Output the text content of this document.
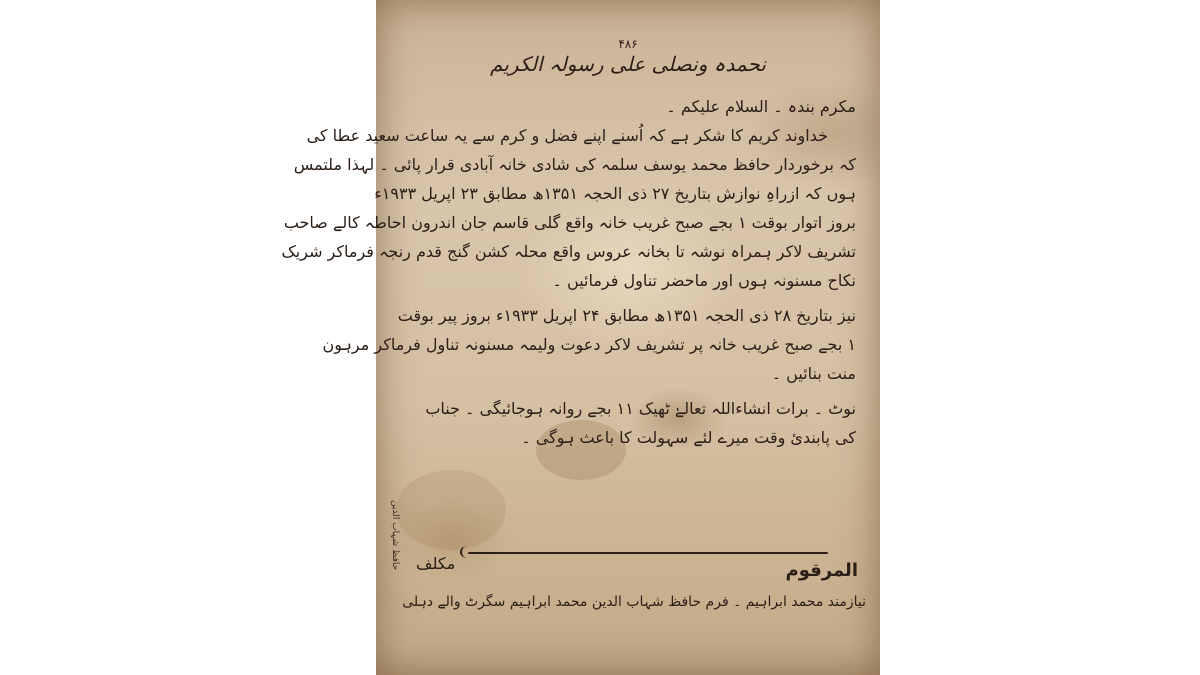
۴۸۶
نحمدہ ونصلی علی رسولہ الکریم
مکرم بندہ ۔ السلام علیکم ۔
خداوند کریم کا شکر ہے کہ اُسنے اپنے فضل و کرم سے یہ ساعت سعید عطا کی
کہ برخوردار حافظ محمد یوسف سلمہ کی شادی خانہ آبادی قرار پائی ۔ لہذا ملتمس
ہوں کہ ازراہِ نوازش بتاریخ ۲۷ ذی الحجہ ۱۳۵۱ھ مطابق ۲۳ اپریل ۱۹۳۳ء
بروز اتوار بوقت ۱ بجے صبح غریب خانہ واقع گلی قاسم جان اندرون احاطہ کالے صاحب
تشریف لاکر ہمراہ نوشہ تا بخانہ عروس واقع محلہ کشن گنج قدم رنجہ فرماکر شریک
نکاح مسنونہ ہوں اور ماحضر تناول فرمائیں ۔
نیز بتاریخ ۲۸ ذی الحجہ ۱۳۵۱ھ مطابق ۲۴ اپریل ۱۹۳۳ء بروز پیر بوقت
۱ بجے صبح غریب خانہ پر تشریف لاکر دعوت ولیمہ مسنونہ تناول فرماکر مرہون
منت بنائیں ۔
نوٹ ۔ برات انشاءاللہ تعالےٰ ٹھیک ۱۱ بجے روانہ ہوجائیگی ۔ جناب
کی پابندیٔ وقت میرے لئے سہولت کا باعث ہوگی ۔
المرقوم
مکلف
نیازمند محمد ابراہیم ۔ فرم حافظ شہاب الدین محمد ابراہیم سگرٹ والے دہلی
حافظ شہاب الدین
